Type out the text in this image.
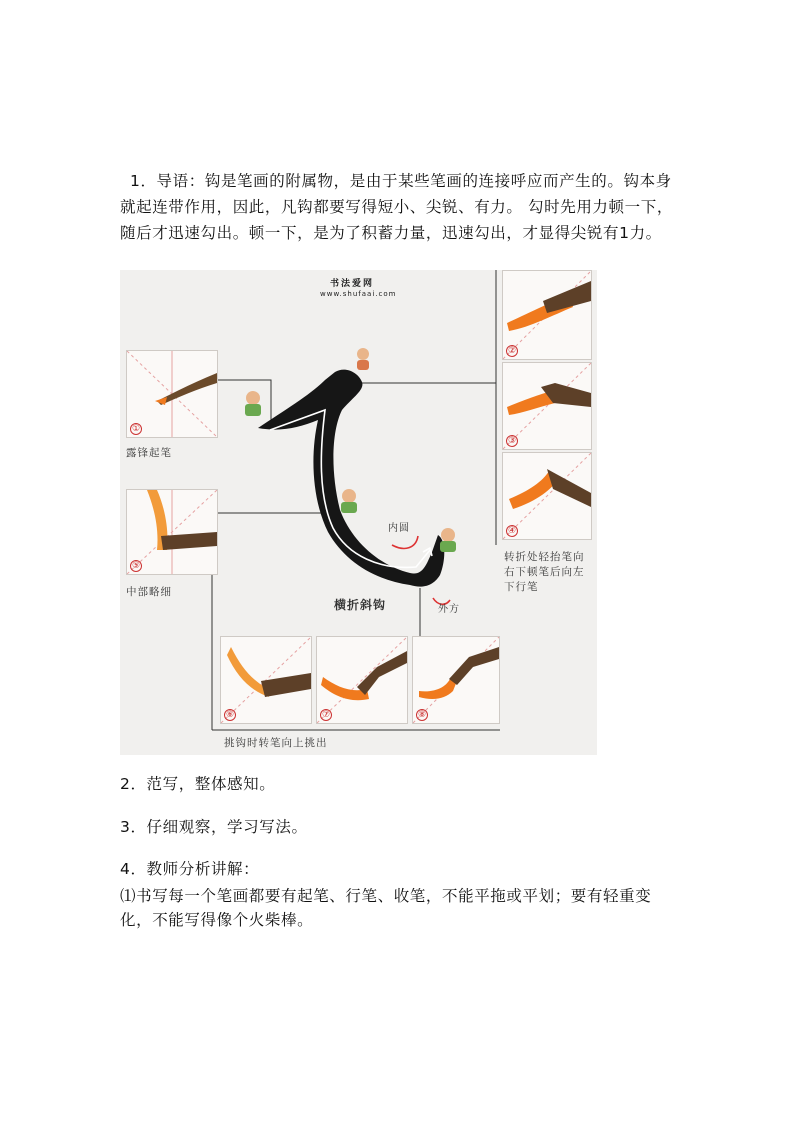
1．导语：钩是笔画的附属物，是由于某些笔画的连接呼应而产生的。钩本身就起连带作用，因此，凡钩都要写得短小、尖锐、有力。 勾时先用力顿一下，随后才迅速勾出。顿一下，是为了积蓄力量，迅速勾出，才显得尖锐有1力。

书法爱网
www.shufaai.com
横折斜钩
内圆
外方
①
露锋起笔
⑤
中部略细
②
③
④
转折处轻抬笔向
右下顿笔后向左
下行笔
⑥	⑦	⑧
挑钩时转笔向上挑出
2．范写，整体感知。
3．仔细观察，学习写法。
4．教师分析讲解：

⑴书写每一个笔画都要有起笔、行笔、收笔，不能平拖或平划；要有轻重变化，不能写得像个火柴棒。
